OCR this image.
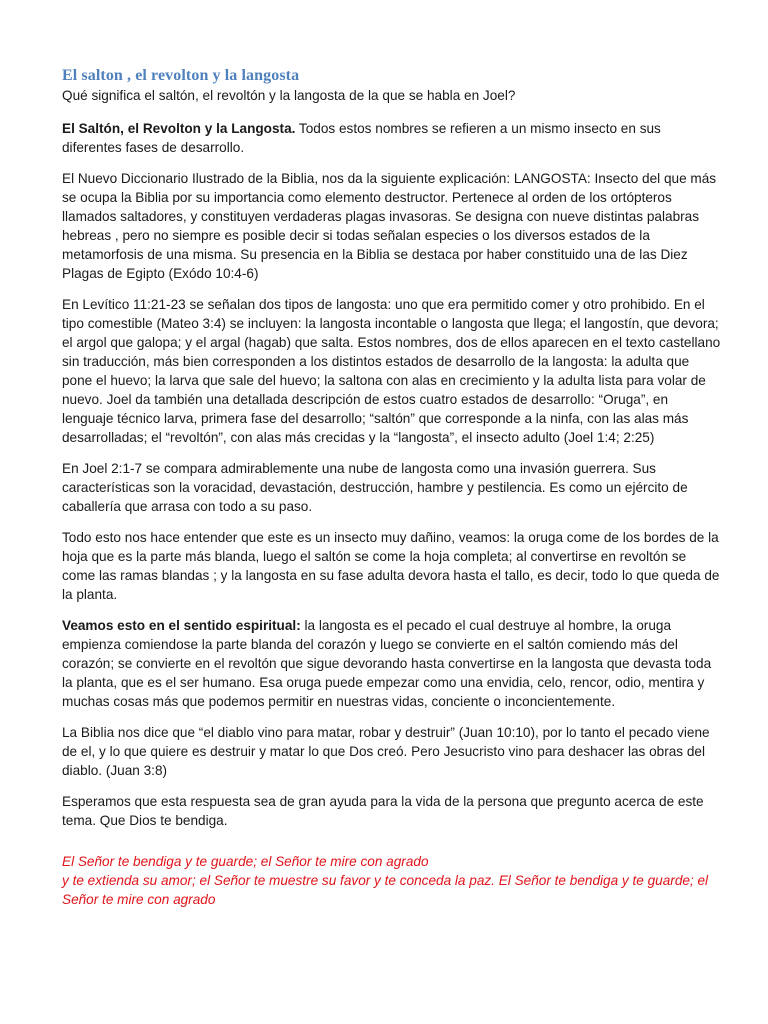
El salton , el revolton y la langosta
Qué significa el saltón, el revoltón y la langosta de la que se habla en Joel?

El Saltón, el Revolton y la Langosta. Todos estos nombres se refieren a un mismo insecto en sus diferentes fases de desarrollo.

El Nuevo Diccionario Ilustrado de la Biblia, nos da la siguiente explicación: LANGOSTA: Insecto del que más se ocupa la Biblia por su importancia como elemento destructor. Pertenece al orden de los ortópteros llamados saltadores, y constituyen verdaderas plagas invasoras. Se designa con nueve distintas palabras hebreas , pero no siempre es posible decir si todas señalan especies o los diversos estados de la metamorfosis de una misma. Su presencia en la Biblia se destaca por haber constituido una de las Diez Plagas de Egipto (Exódo 10:4-6)

En Levítico 11:21-23 se señalan dos tipos de langosta: uno que era permitido comer y otro prohibido. En el tipo comestible (Mateo 3:4) se incluyen: la langosta incontable o langosta que llega; el langostín, que devora; el argol que galopa; y el argal (hagab) que salta. Estos nombres, dos de ellos aparecen en el texto castellano sin traducción, más bien corresponden a los distintos estados de desarrollo de la langosta: la adulta que pone el huevo; la larva que sale del huevo; la saltona con alas en crecimiento y la adulta lista para volar de nuevo. Joel da también una detallada descripción de estos cuatro estados de desarrollo: “Oruga”, en lenguaje técnico larva, primera fase del desarrollo; “saltón” que corresponde a la ninfa, con las alas más desarrolladas; el “revoltón”, con alas más crecidas y la “langosta”, el insecto adulto (Joel 1:4; 2:25)

En Joel 2:1-7 se compara admirablemente una nube de langosta como una invasión guerrera. Sus características son la voracidad, devastación, destrucción, hambre y pestilencia. Es como un ejército de caballería que arrasa con todo a su paso.

Todo esto nos hace entender que este es un insecto muy dañino, veamos: la oruga come de los bordes de la hoja que es la parte más blanda, luego el saltón se come la hoja completa; al convertirse en revoltón se come las ramas blandas ; y la langosta en su fase adulta devora hasta el tallo, es decir, todo lo que queda de la planta.

Veamos esto en el sentido espiritual: la langosta es el pecado el cual destruye al hombre, la oruga empienza comiendose la parte blanda del corazón y luego se convierte en el saltón comiendo más del corazón; se convierte en el revoltón que sigue devorando hasta convertirse en la langosta que devasta toda la planta, que es el ser humano. Esa oruga puede empezar como una envidia, celo, rencor, odio, mentira y muchas cosas más que podemos permitir en nuestras vidas, conciente o inconcientemente.

La Biblia nos dice que “el diablo vino para matar, robar y destruir” (Juan 10:10), por lo tanto el pecado viene de el, y lo que quiere es destruir y matar lo que Dos creó. Pero Jesucristo vino para deshacer las obras del diablo. (Juan 3:8)

Esperamos que esta respuesta sea de gran ayuda para la vida de la persona que pregunto acerca de este tema. Que Dios te bendiga.

El Señor te bendiga y te guarde; el Señor te mire con agrado

y te extienda su amor; el Señor te muestre su favor y te conceda la paz. El Señor te bendiga y te guarde; el Señor te mire con agrado
